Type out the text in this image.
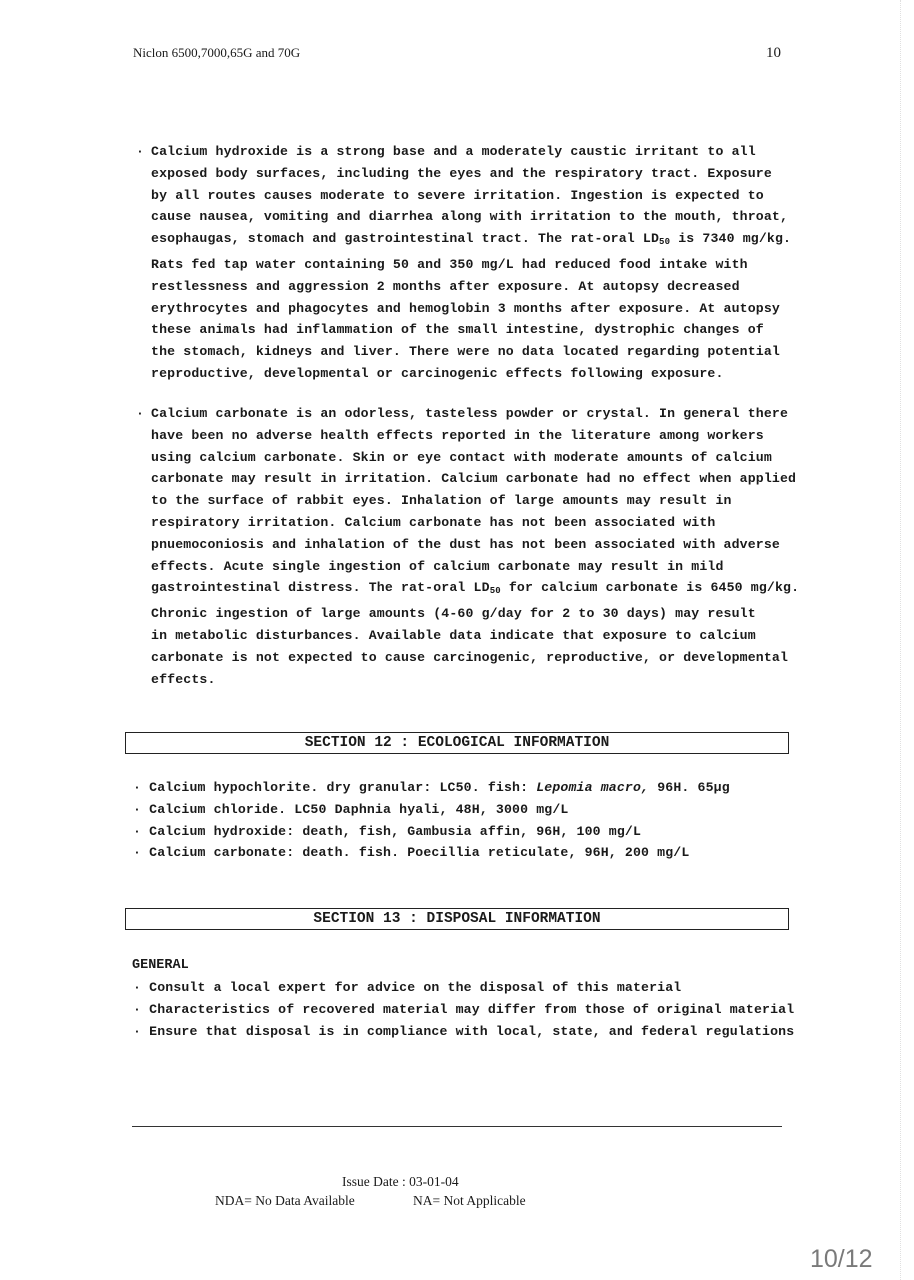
Niclon 6500,7000,65G and 70G	10
· Calcium hydroxide is a strong base and a moderately caustic irritant to all
exposed body surfaces, including the eyes and the respiratory tract. Exposure
by all routes causes moderate to severe irritation. Ingestion is expected to
cause nausea, vomiting and diarrhea along with irritation to the mouth, throat,
esophaugas, stomach and gastrointestinal tract. The rat-oral $LD_{50}$ is 7340 mg/kg.
Rats fed tap water containing 50 and 350 mg/L had reduced food intake with
restlessness and aggression 2 months after exposure. At autopsy decreased
erythrocytes and phagocytes and hemoglobin 3 months after exposure. At autopsy
these animals had inflammation of the small intestine, dystrophic changes of
the stomach, kidneys and liver. There were no data located regarding potential
reproductive, developmental or carcinogenic effects following exposure.
· Calcium carbonate is an odorless, tasteless powder or crystal. In general there
have been no adverse health effects reported in the literature among workers
using calcium carbonate. Skin or eye contact with moderate amounts of calcium
carbonate may result in irritation. Calcium carbonate had no effect when applied
to the surface of rabbit eyes. Inhalation of large amounts may result in
respiratory irritation. Calcium carbonate has not been associated with
pnuemoconiosis and inhalation of the dust has not been associated with adverse
effects. Acute single ingestion of calcium carbonate may result in mild
gastrointestinal distress. The rat-oral $LD_{50}$ for calcium carbonate is 6450 mg/kg.
Chronic ingestion of large amounts (4-60 g/day for 2 to 30 days) may result
in metabolic disturbances. Available data indicate that exposure to calcium
carbonate is not expected to cause carcinogenic, reproductive, or developmental
effects.
SECTION 12 : ECOLOGICAL INFORMATION
· Calcium hypochlorite. dry granular: LC50. fish: Lepomia macro, 96H. 65μg
· Calcium chloride. LC50 Daphnia hyali, 48H, 3000 mg/L
· Calcium hydroxide: death, fish, Gambusia affin, 96H, 100 mg/L
· Calcium carbonate: death. fish. Poecillia reticulate, 96H, 200 mg/L
SECTION 13 : DISPOSAL INFORMATION
GENERAL
· Consult a local expert for advice on the disposal of this material
· Characteristics of recovered material may differ from those of original material
· Ensure that disposal is in compliance with local, state, and federal regulations
Issue Date : 03-01-04
NDA= No Data Available	NA= Not Applicable
10/12
